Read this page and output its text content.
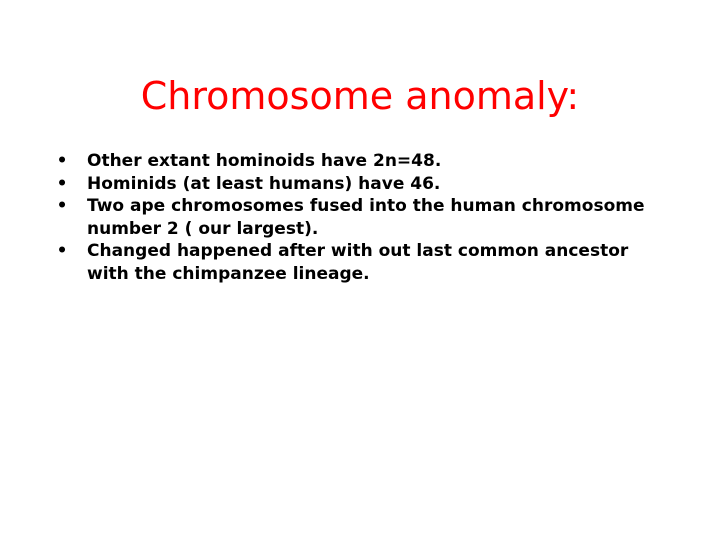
Chromosome anomaly:
• Other extant hominoids have 2n=48.
• Hominids (at least humans) have 46.
• Two ape chromosomes fused into the human chromosome number 2 ( our largest).
• Changed happened after with out last common ancestor with the chimpanzee lineage.
